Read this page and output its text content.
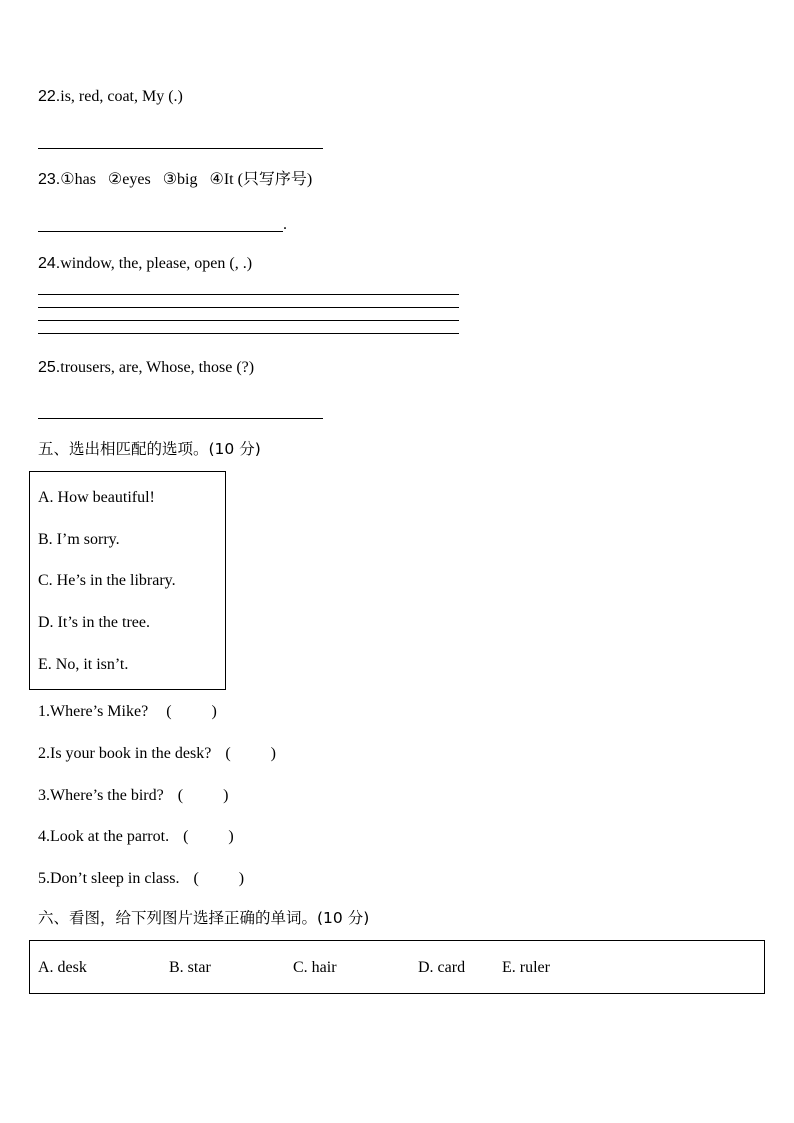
22.is, red, coat, My (.)
23.①has   ②eyes   ③big   ④It (只写序号)
.
24.window, the, please, open (, .)
25.trousers, are, Whose, those (?)
五、选出相匹配的选项。(10 分)
A. How beautiful!
B. I’m sorry.
C. He’s in the library.
D. It’s in the tree.
E. No, it isn’t.
1.Where’s Mike? (          )
2.Is your book in the desk? (          )
3.Where’s the bird? (          )
4.Look at the parrot. (          )
5.Don’t sleep in class. (          )
六、看图，给下列图片选择正确的单词。(10 分)
A. desk	B. star	C. hair	D. card E. ruler
